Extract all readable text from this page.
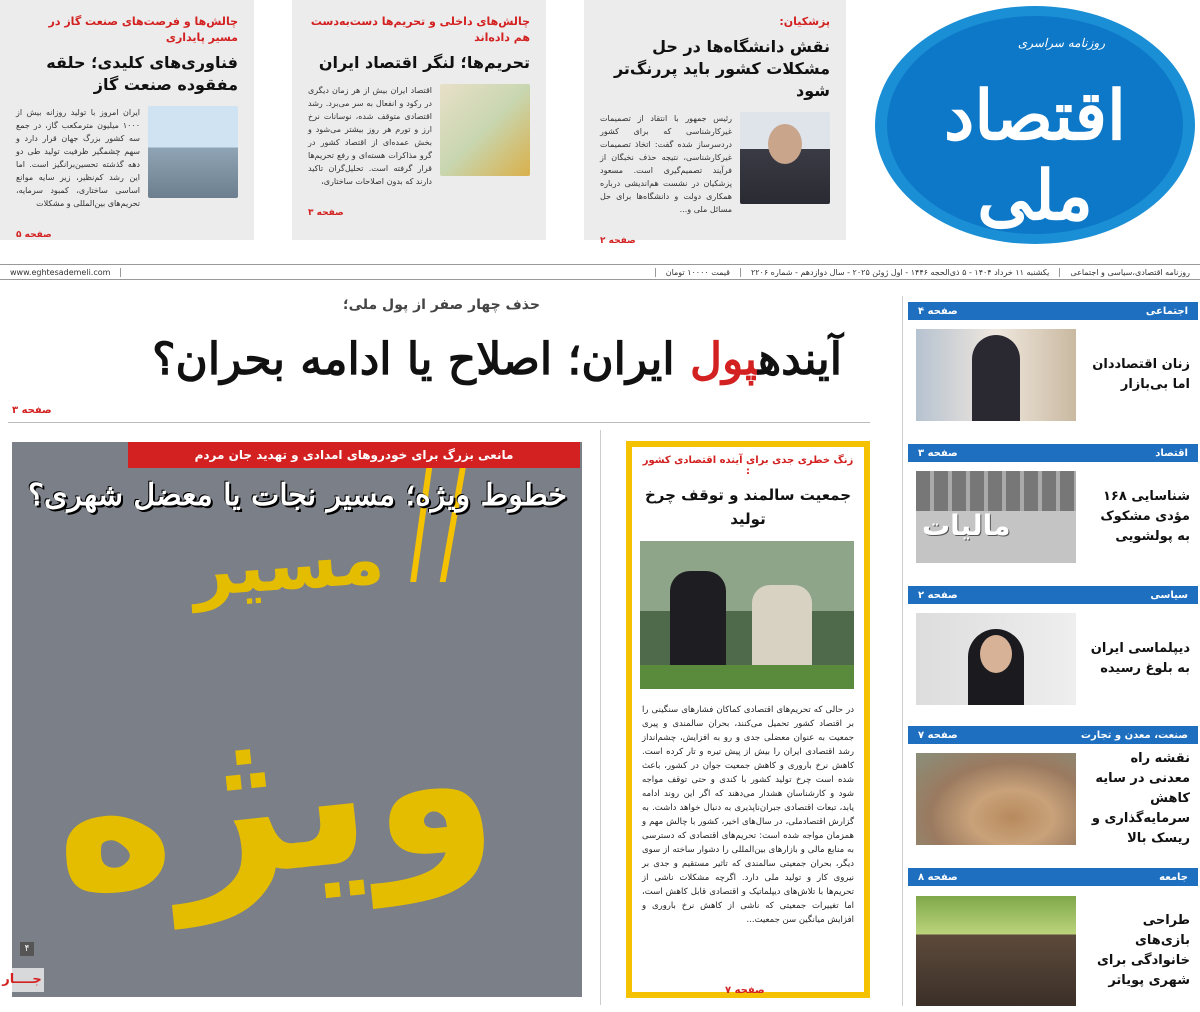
پزشکیان:
نقش دانشگاه‌ها در حل مشکلات کشور باید پررنگ‌تر شود
رئیس جمهور با انتقاد از تصمیمات غیرکارشناسی که برای کشور دردسرساز شده گفت: اتخاذ تصمیمات غیرکارشناسی، نتیجه حذف نخبگان از فرآیند تصمیم‌گیری است. مسعود پزشکیان در نشست هم‌اندیشی درباره همکاری دولت و دانشگاه‌ها برای حل مسائل ملی و...
صفحه ۲
چالش‌های داخلی و تحریم‌ها دست‌به‌دست هم داده‌اند
تحریم‌ها؛ لنگر اقتصاد ایران
اقتصاد ایران بیش از هر زمان دیگری در رکود و انفعال به سر می‌برد. رشد اقتصادی متوقف شده، نوسانات نرخ ارز و تورم هر روز بیشتر می‌شود و بخش عمده‌ای از اقتصاد کشور در گرو مذاکرات هسته‌ای و رفع تحریم‌ها قرار گرفته است. تحلیل‌گران تاکید دارند که بدون اصلاحات ساختاری،
صفحه ۳
چالش‌ها و فرصت‌های صنعت گاز در مسیر پایداری
فناوری‌های کلیدی؛ حلقه مفقوده صنعت گاز
ایران امروز با تولید روزانه بیش از ۱۰۰۰ میلیون مترمکعب گاز، در جمع سه کشور بزرگ جهان قرار دارد و سهم چشمگیر ظرفیت تولید طی دو دهه گذشته تحسین‌برانگیز است. اما این رشد کم‌نظیر، زیر سایه موانع اساسی ساختاری، کمبود سرمایه، تحریم‌های بین‌المللی و مشکلات
صفحه ۵
روزنامه سراسری
اقتصاد ملی
روزنامه اقتصادی،سیاسی و اجتماعی
یکشنبه ۱۱ خرداد ۱۴۰۴ - ۵ ذی‌الحجه ۱۴۴۶ - اول ژوئن ۲۰۲۵ - سال دوازدهم - شماره ۲۲۰۶
قیمت ۱۰۰۰۰ تومان
www.eghtesademeli.com
حذف چهار صفر از پول ملی؛
آیندهپول ایران؛ اصلاح یا ادامه بحران؟
صفحه ۳
مسیر
ویژه
۴
مانعی بزرگ برای خودروهای امدادی و تهدید جان مردم
خطوط ویژه؛ مسیر نجات یا معضل شهری؟
جــــار
زنگ خطری جدی برای آینده اقتصادی کشور :
جمعیت سالمند و توقف چرخ تولید
در حالی که تحریم‌های اقتصادی کماکان فشارهای سنگینی را بر اقتصاد کشور تحمیل می‌کنند، بحران سالمندی و پیری جمعیت به عنوان معضلی جدی و رو به افزایش، چشم‌انداز رشد اقتصادی ایران را بیش از پیش تیره و تار کرده است. کاهش نرخ باروری و کاهش جمعیت جوان در کشور، باعث شده است چرخ تولید کشور با کندی و حتی توقف مواجه شود و کارشناسان هشدار می‌دهند که اگر این روند ادامه یابد، تبعات اقتصادی جبران‌ناپذیری به دنبال خواهد داشت. به گزارش اقتصادملی، در سال‌های اخیر، کشور با چالش مهم و همزمان مواجه شده است: تحریم‌های اقتصادی که دسترسی به منابع مالی و بازارهای بین‌المللی را دشوار ساخته از سوی دیگر، بحران جمعیتی سالمندی که تاثیر مستقیم و جدی بر نیروی کار و تولید ملی دارد. اگرچه مشکلات ناشی از تحریم‌ها با تلاش‌های دیپلماتیک و اقتصادی قابل کاهش است، اما تغییرات جمعیتی که ناشی از کاهش نرخ باروری و افزایش میانگین سن جمعیت...
صفحه ۷
اجتماعی
صفحه ۴
زنان اقتصاددان اما بی‌بازار
اقتصاد
صفحه ۳
شناسایی ۱۶۸ مؤدی مشکوک به پولشویی
مالیات
سیاسی
صفحه ۲
دیپلماسی ایران به بلوغ رسیده
صنعت، معدن و تجارت
صفحه ۷
نقشه راه معدنی در سایه کاهش سرمایه‌گذاری و ریسک بالا
جامعه
صفحه ۸
طراحی بازی‌های خانوادگی برای شهری پویاتر
